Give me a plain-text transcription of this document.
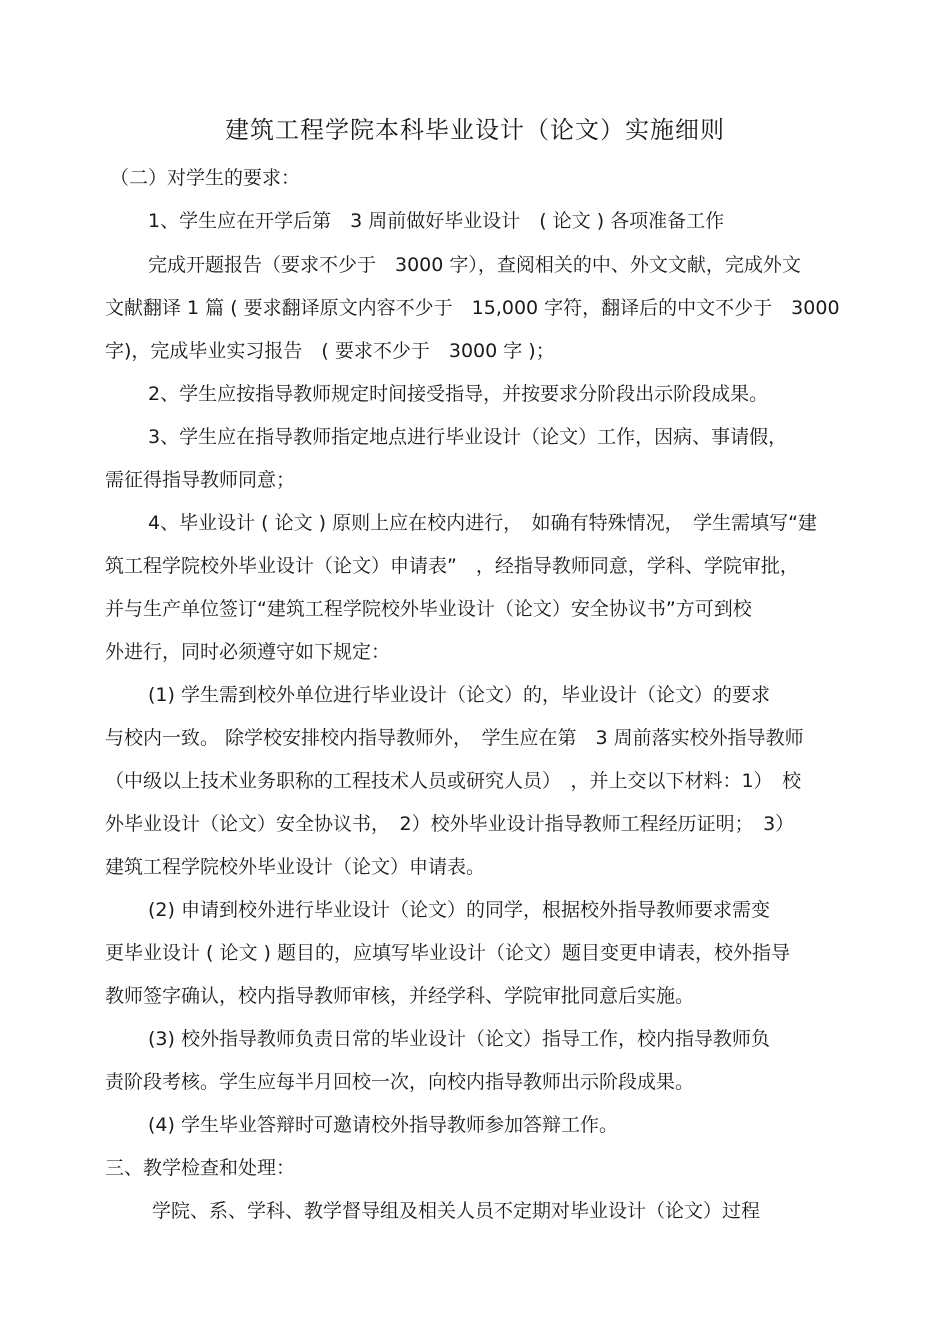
建筑工程学院本科毕业设计（论文）实施细则
（二）对学生的要求：
1、学生应在开学后第　3 周前做好毕业设计　( 论文 ) 各项准备工作
完成开题报告（要求不少于　3000 字），查阅相关的中、外文文献，完成外文
文献翻译 1 篇 ( 要求翻译原文内容不少于　15,000 字符，翻译后的中文不少于　3000
字)，完成毕业实习报告　( 要求不少于　3000 字 )；
2、学生应按指导教师规定时间接受指导，并按要求分阶段出示阶段成果。
3、学生应在指导教师指定地点进行毕业设计（论文）工作，因病、事请假，
需征得指导教师同意；
4、毕业设计 ( 论文 ) 原则上应在校内进行，　如确有特殊情况，　学生需填写“建
筑工程学院校外毕业设计（论文）申请表”　，经指导教师同意，学科、学院审批，
并与生产单位签订“建筑工程学院校外毕业设计（论文）安全协议书”方可到校
外进行，同时必须遵守如下规定：
(1) 学生需到校外单位进行毕业设计（论文）的，毕业设计（论文）的要求
与校内一致。 除学校安排校内指导教师外，　学生应在第　3 周前落实校外指导教师
（中级以上技术业务职称的工程技术人员或研究人员）　，并上交以下材料：1）　校
外毕业设计（论文）安全协议书，　2）校外毕业设计指导教师工程经历证明；　3）
建筑工程学院校外毕业设计（论文）申请表。
(2) 申请到校外进行毕业设计（论文）的同学，根据校外指导教师要求需变
更毕业设计 ( 论文 ) 题目的，应填写毕业设计（论文）题目变更申请表，校外指导
教师签字确认，校内指导教师审核，并经学科、学院审批同意后实施。
(3) 校外指导教师负责日常的毕业设计（论文）指导工作，校内指导教师负
责阶段考核。学生应每半月回校一次，向校内指导教师出示阶段成果。
(4) 学生毕业答辩时可邀请校外指导教师参加答辩工作。
三、教学检查和处理：
学院、系、学科、教学督导组及相关人员不定期对毕业设计（论文）过程
